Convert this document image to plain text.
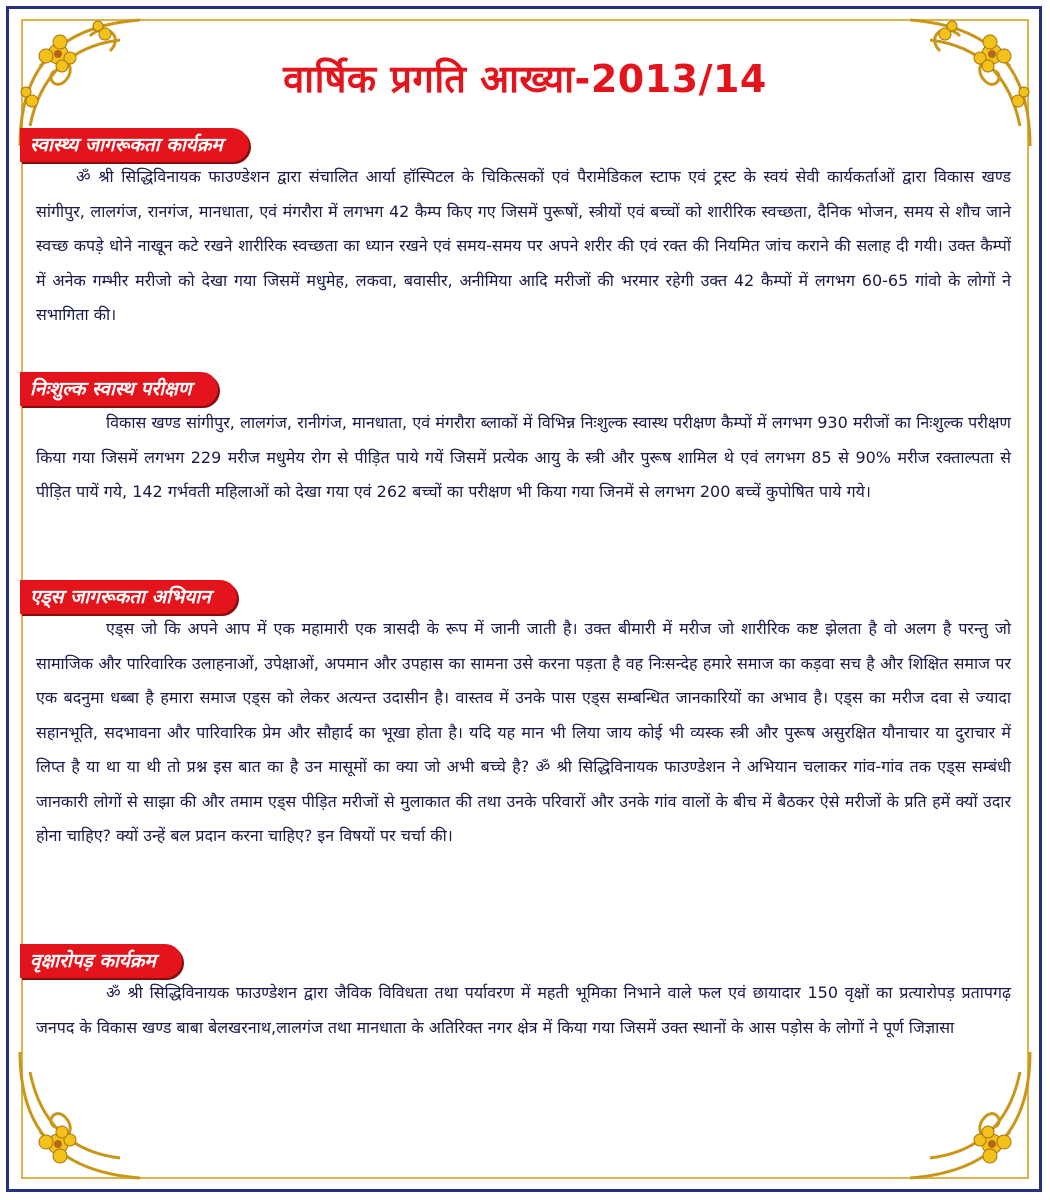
वार्षिक प्रगति आख्या-2013/14
स्वास्थ्य जागरूकता कार्यक्रम
ॐ श्री सिद्धिविनायक फाउण्डेशन द्वारा संचालित आर्या हॉस्पिटल के चिकित्सकों एवं पैरामेडिकल स्टाफ एवं ट्रस्ट के स्वयं सेवी कार्यकर्ताओं द्वारा विकास खण्ड सांगीपुर, लालगंज, रानगंज, मानधाता, एवं मंगरौरा में लगभग 42 कैम्प किए गए जिसमें पुरूषों, स्त्रीयों एवं बच्चों को शारीरिक स्वच्छता, दैनिक भोजन, समय से शौच जाने स्वच्छ कपड़े धोने नाखून कटे रखने शारीरिक स्वच्छता का ध्यान रखने एवं समय-समय पर अपने शरीर की एवं रक्त की नियमित जांच कराने की सलाह दी गयी। उक्त कैम्पों में अनेक गम्भीर मरीजो को देखा गया जिसमें मधुमेह, लकवा, बवासीर, अनीमिया आदि मरीजों की भरमार रहेगी उक्त 42 कैम्पों में लगभग 60-65 गांवो के लोगों ने सभागिता की।
निःशुल्क स्वास्थ परीक्षण
विकास खण्ड सांगीपुर, लालगंज, रानीगंज, मानधाता, एवं मंगरौरा ब्लाकों में विभिन्न निःशुल्क स्वास्थ परीक्षण कैम्पों में लगभग 930 मरीजों का निःशुल्क परीक्षण किया गया जिसमें लगभग 229 मरीज मधुमेय रोग से पीड़ित पाये गयें जिसमें प्रत्येक आयु के स्त्री और पुरूष शामिल थे एवं लगभग 85 से 90% मरीज रक्ताल्पता से पीड़ित पायें गये, 142 गर्भवती महिलाओं को देखा गया एवं 262 बच्चों का परीक्षण भी किया गया जिनमें से लगभग 200 बच्चें कुपोषित पाये गये।
एड्स जागरूकता अभियान
एड्स जो कि अपने आप में एक महामारी एक त्रासदी के रूप में जानी जाती है। उक्त बीमारी में मरीज जो शारीरिक कष्ट झेलता है वो अलग है परन्तु जो सामाजिक और पारिवारिक उलाहनाओं, उपेक्षाओं, अपमान और उपहास का सामना उसे करना पड़ता है वह निःसन्देह हमारे समाज का कड़वा सच है और शिक्षित समाज पर एक बदनुमा धब्बा है हमारा समाज एड्स को लेकर अत्यन्त उदासीन है। वास्तव में उनके पास एड्स सम्बन्धित जानकारियों का अभाव है। एड्स का मरीज दवा से ज्यादा सहानभूति, सदभावना और पारिवारिक प्रेम और सौहार्द का भूखा होता है। यदि यह मान भी लिया जाय कोई भी व्यस्क स्त्री और पुरूष असुरक्षित यौनाचार या दुराचार में लिप्त है या था या थी तो प्रश्न इस बात का है उन मासूमों का क्या जो अभी बच्चे है? ॐ श्री सिद्धिविनायक फाउण्डेशन ने अभियान चलाकर गांव-गांव तक एड्स सम्बंधी जानकारी लोगों से साझा की और तमाम एड्स पीड़ित मरीजों से मुलाकात की तथा उनके परिवारों और उनके गांव वालों के बीच में बैठकर ऐसे मरीजों के प्रति हमें क्यों उदार होना चाहिए? क्यों उन्हें बल प्रदान करना चाहिए? इन विषयों पर चर्चा की।
वृक्षारोपड़ कार्यक्रम
ॐ श्री सिद्धिविनायक फाउण्डेशन द्वारा जैविक विविधता तथा पर्यावरण में महती भूमिका निभाने वाले फल एवं छायादार 150 वृक्षों का प्रत्यारोपड़ प्रतापगढ़ जनपद के विकास खण्ड बाबा बेलखरनाथ,लालगंज तथा मानधाता के अतिरिक्त नगर क्षेत्र में किया गया जिसमें उक्त स्थानों के आस पड़ोस के लोगों ने पूर्ण जिज्ञासा
